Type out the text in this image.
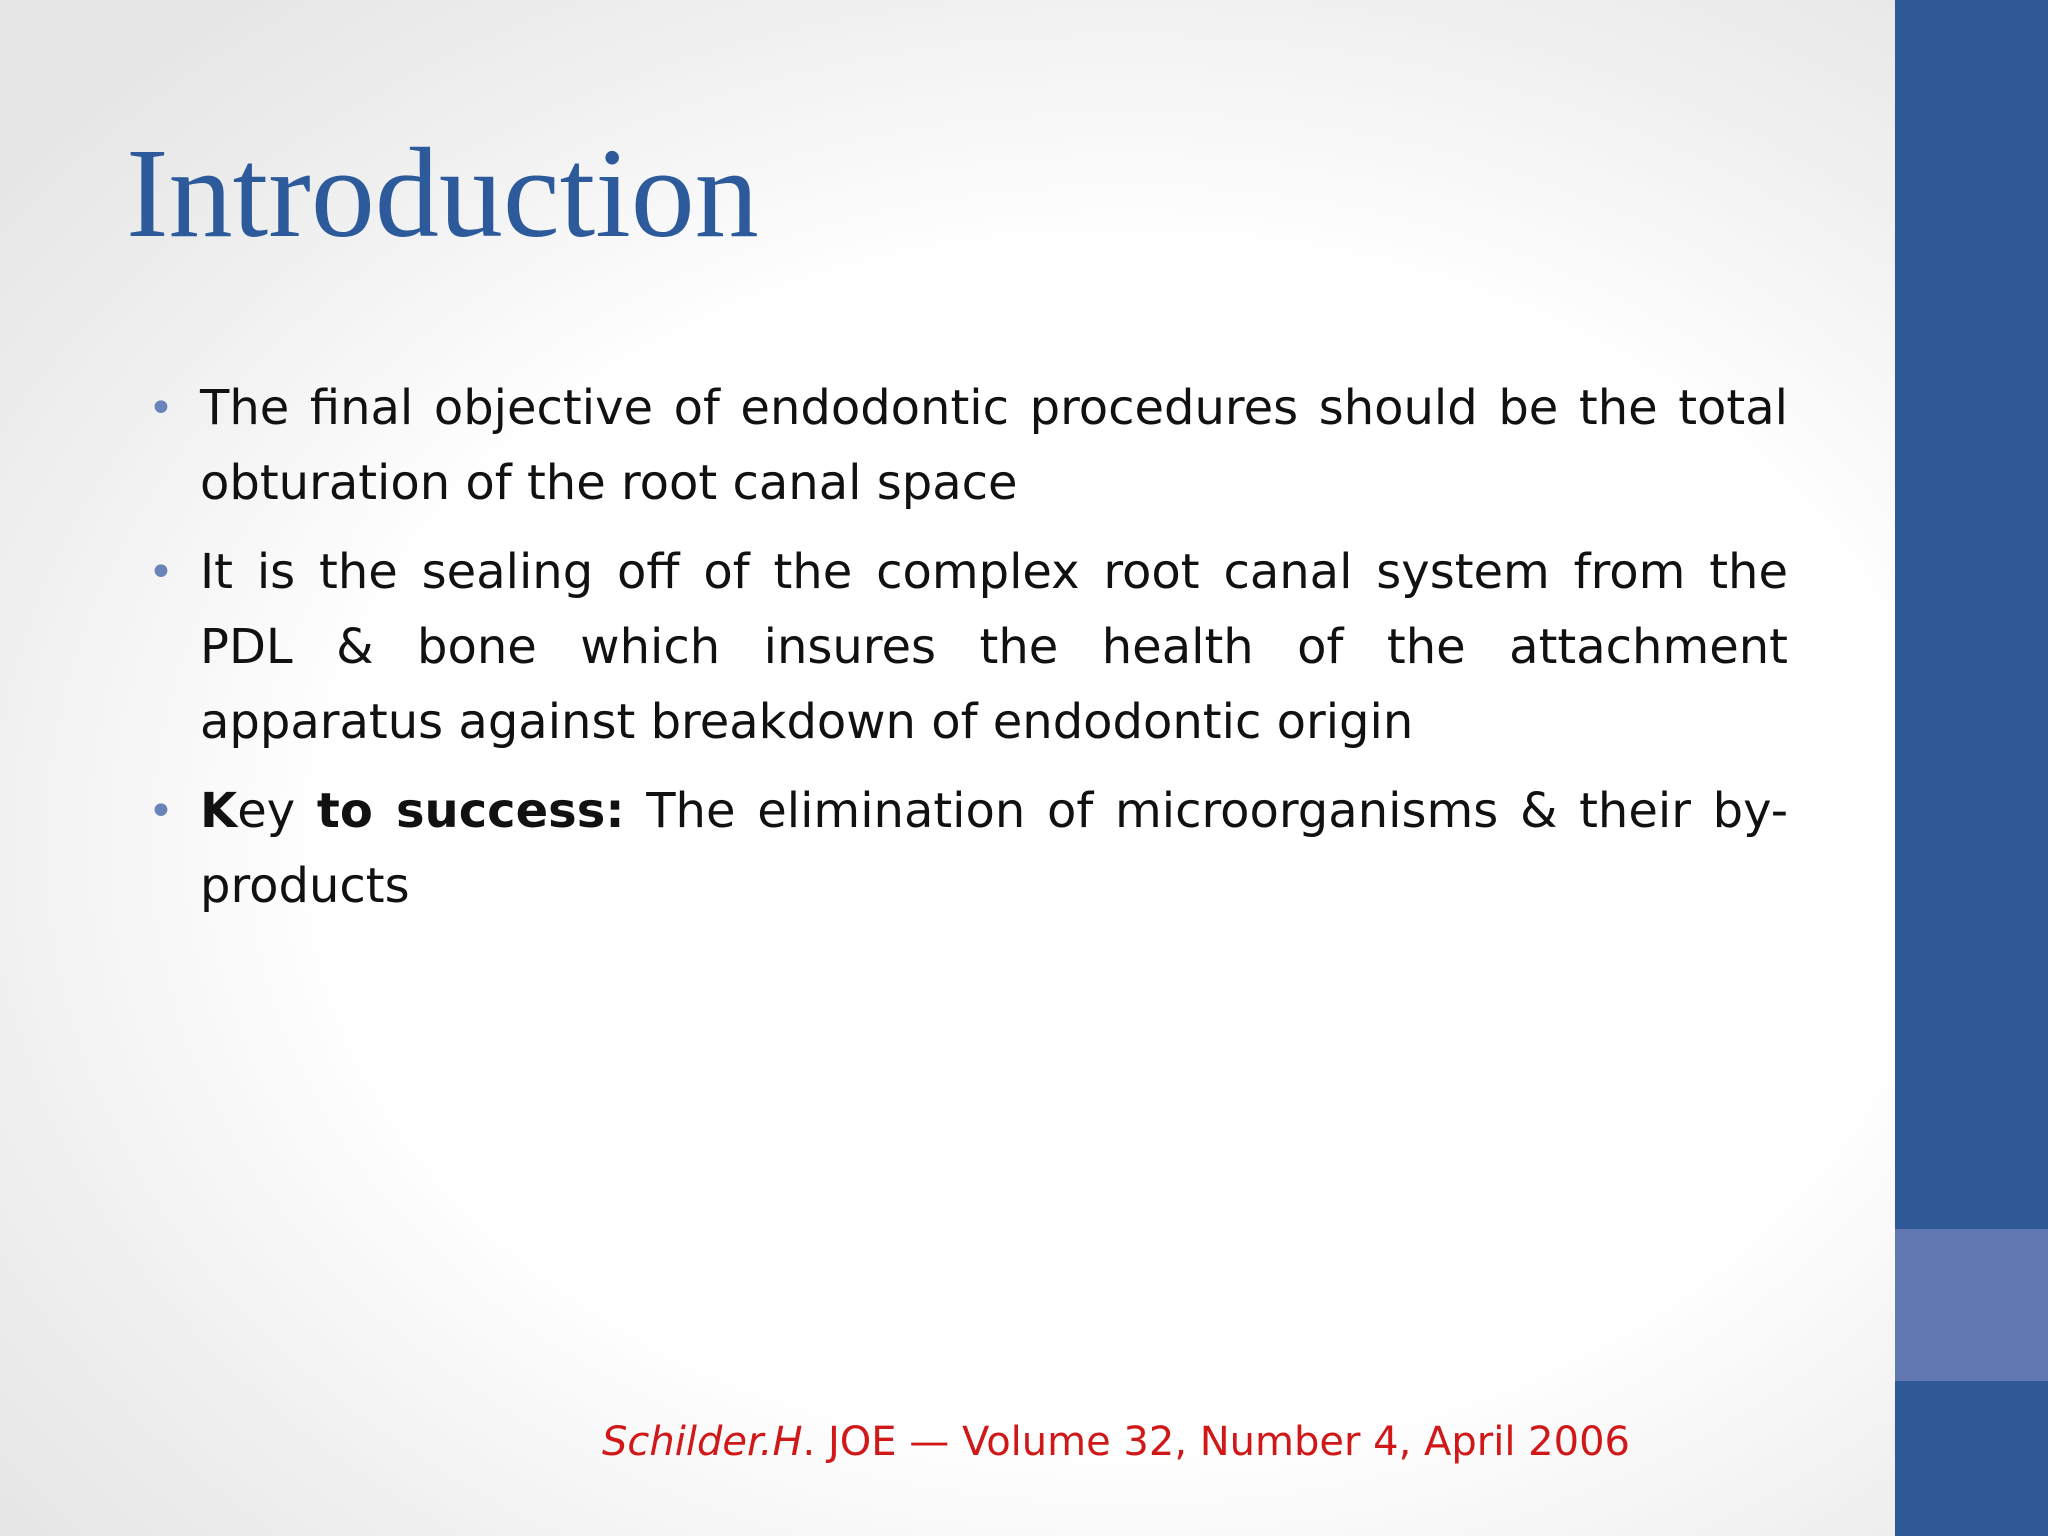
Introduction
• The final objective of endodontic procedures should be the total obturation of the root canal space
• It is the sealing off of the complex root canal system from the PDL & bone which insures the health of the attachment apparatus against breakdown of endodontic origin
• Key to success: The elimination of microorganisms & their by-products
Schilder.H. JOE — Volume 32, Number 4, April 2006
